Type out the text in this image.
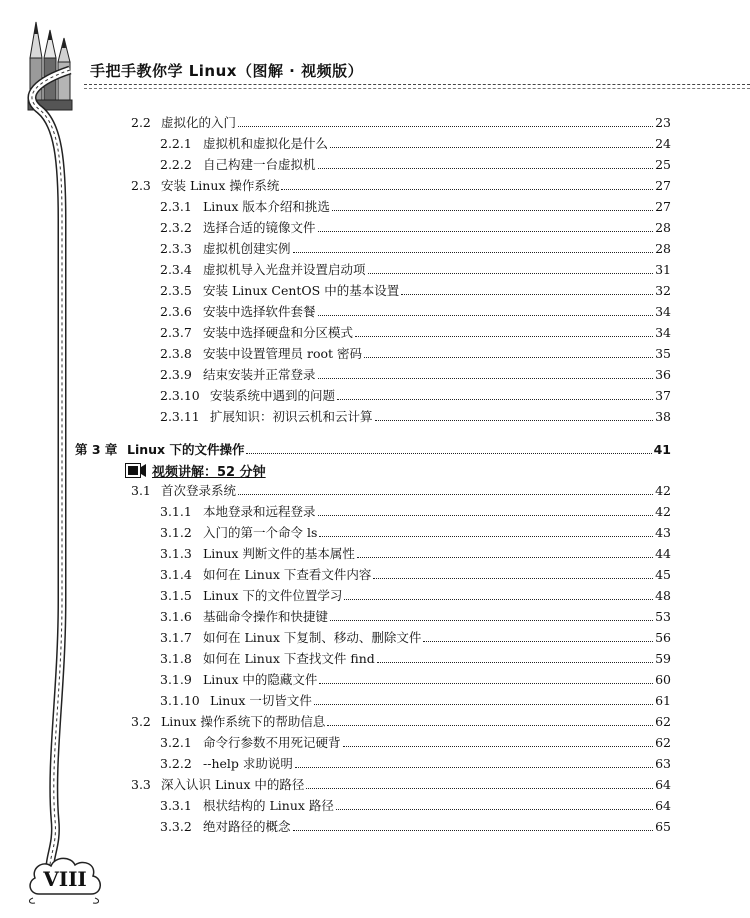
手把手教你学 Linux（图解 · 视频版）
2.2 虚拟化的入门	23
2.2.1 虚拟机和虚拟化是什么	24
2.2.2 自己构建一台虚拟机	25
2.3 安装 Linux 操作系统	27
2.3.1 Linux 版本介绍和挑选	27
2.3.2 选择合适的镜像文件	28
2.3.3 虚拟机创建实例	28
2.3.4 虚拟机导入光盘并设置启动项	31
2.3.5 安装 Linux CentOS 中的基本设置	32
2.3.6 安装中选择软件套餐	34
2.3.7 安装中选择硬盘和分区模式	34
2.3.8 安装中设置管理员 root 密码	35
2.3.9 结束安装并正常登录	36
2.3.10 安装系统中遇到的问题	37
2.3.11 扩展知识：初识云机和云计算	38
第 3 章 Linux 下的文件操作	41
3.1 首次登录系统	42
3.1.1 本地登录和远程登录	42
3.1.2 入门的第一个命令 ls	43
3.1.3 Linux 判断文件的基本属性	44
3.1.4 如何在 Linux 下查看文件内容	45
3.1.5 Linux 下的文件位置学习	48
3.1.6 基础命令操作和快捷键	53
3.1.7 如何在 Linux 下复制、移动、删除文件	56
3.1.8 如何在 Linux 下查找文件 find	59
3.1.9 Linux 中的隐藏文件	60
3.1.10 Linux 一切皆文件	61
3.2 Linux 操作系统下的帮助信息	62
3.2.1 命令行参数不用死记硬背	62
3.2.2 --help 求助说明	63
3.3 深入认识 Linux 中的路径	64
3.3.1 根状结构的 Linux 路径	64
3.3.2 绝对路径的概念	65
视频讲解：52 分钟
VIII
